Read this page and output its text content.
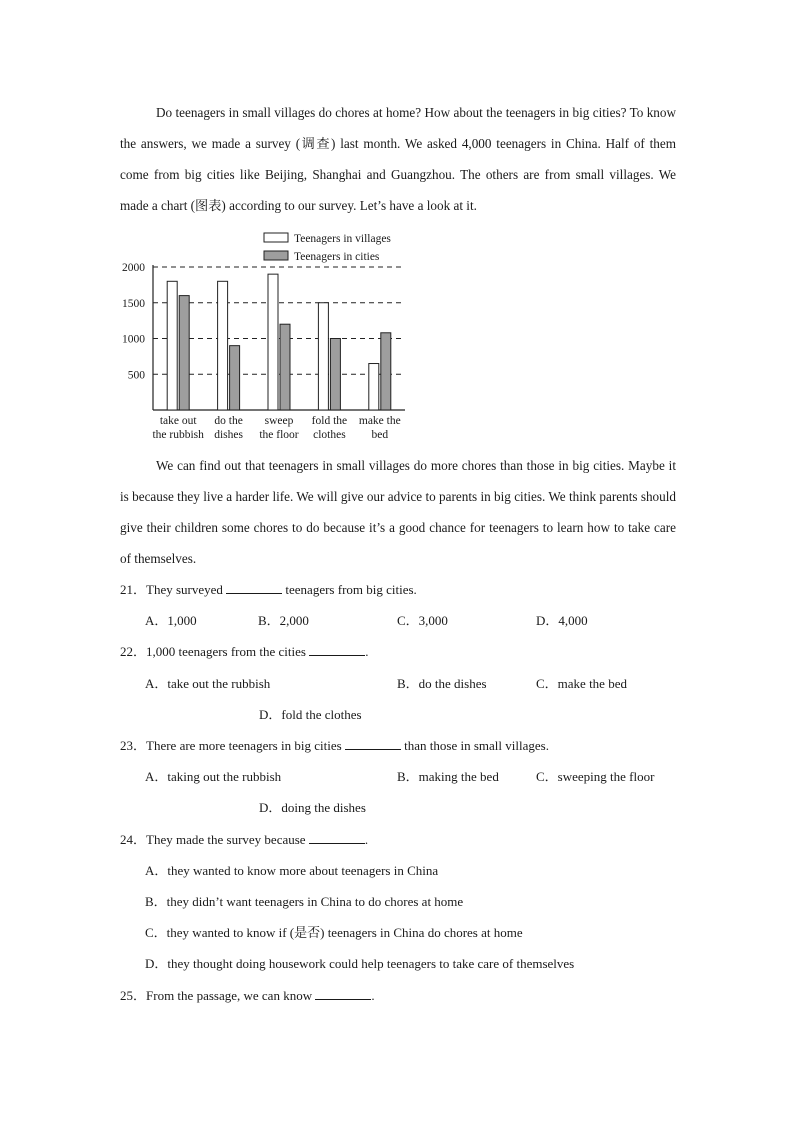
Do teenagers in small villages do chores at home? How about the teenagers in big cities? To know the answers, we made a survey (调查) last month. We asked 4,000 teenagers in China. Half of them come from big cities like Beijing, Shanghai and Guangzhou. The others are from small villages. We made a chart (图表) according to our survey. Let’s have a look at it.

Teenagers in villages
Teenagers in cities
500
1000
1500
2000
take out
the rubbish
do the
dishes
sweep
the floor
fold the
clothes
make the
bed

We can find out that teenagers in small villages do more chores than those in big cities. Maybe it is because they live a harder life. We will give our advice to parents in big cities. We think parents should give their children some chores to do because it’s a good chance for teenagers to learn how to take care of themselves.

21．They surveyed	teenagers from big cities.
A．1,000	B．2,000	C．3,000	D．4,000
22．1,000 teenagers from the cities	.
A．take out the rubbish	B．do the dishes	C．make the bed
D．fold the clothes
23．There are more teenagers in big cities	than those in small villages.
A．taking out the rubbish	B．making the bed	C．sweeping the floor
D．doing the dishes
24．They made the survey because	.
A．they wanted to know more about teenagers in China
B．they didn’t want teenagers in China to do chores at home
C．they wanted to know if (是否) teenagers in China do chores at home
D．they thought doing housework could help teenagers to take care of themselves
25．From the passage, we can know	.
